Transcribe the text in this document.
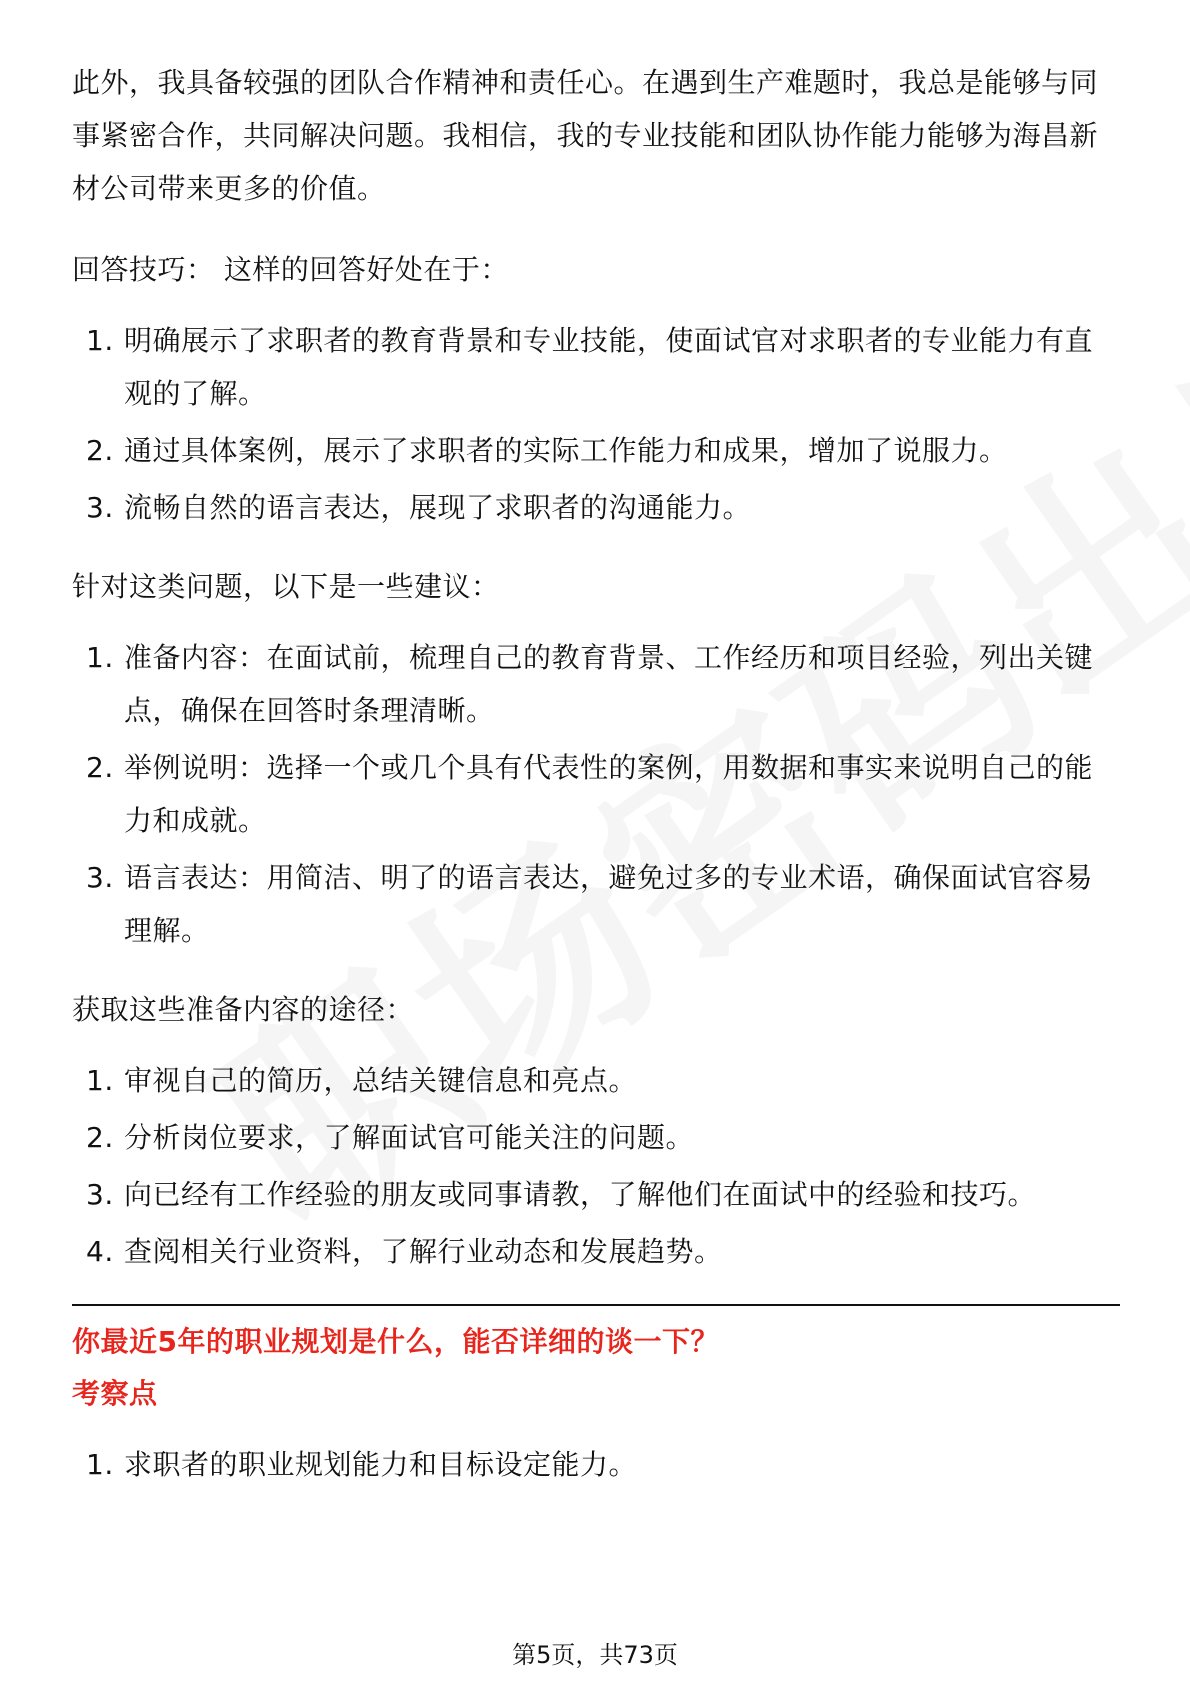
此外，我具备较强的团队合作精神和责任心。在遇到生产难题时，我总是能够与同事紧密合作，共同解决问题。我相信，我的专业技能和团队协作能力能够为海昌新材公司带来更多的价值。

回答技巧： 这样的回答好处在于：

1. 明确展示了求职者的教育背景和专业技能，使面试官对求职者的专业能力有直观的了解。
2. 通过具体案例，展示了求职者的实际工作能力和成果，增加了说服力。
3. 流畅自然的语言表达，展现了求职者的沟通能力。

针对这类问题，以下是一些建议：

1. 准备内容：在面试前，梳理自己的教育背景、工作经历和项目经验，列出关键点，确保在回答时条理清晰。
2. 举例说明：选择一个或几个具有代表性的案例，用数据和事实来说明自己的能力和成就。
3. 语言表达：用简洁、明了的语言表达，避免过多的专业术语，确保面试官容易理解。

获取这些准备内容的途径：

1. 审视自己的简历，总结关键信息和亮点。
2. 分析岗位要求，了解面试官可能关注的问题。
3. 向已经有工作经验的朋友或同事请教，了解他们在面试中的经验和技巧。
4. 查阅相关行业资料，了解行业动态和发展趋势。

你最近5年的职业规划是什么，能否详细的谈一下？

考察点

1. 求职者的职业规划能力和目标设定能力。
第5页，共73页
